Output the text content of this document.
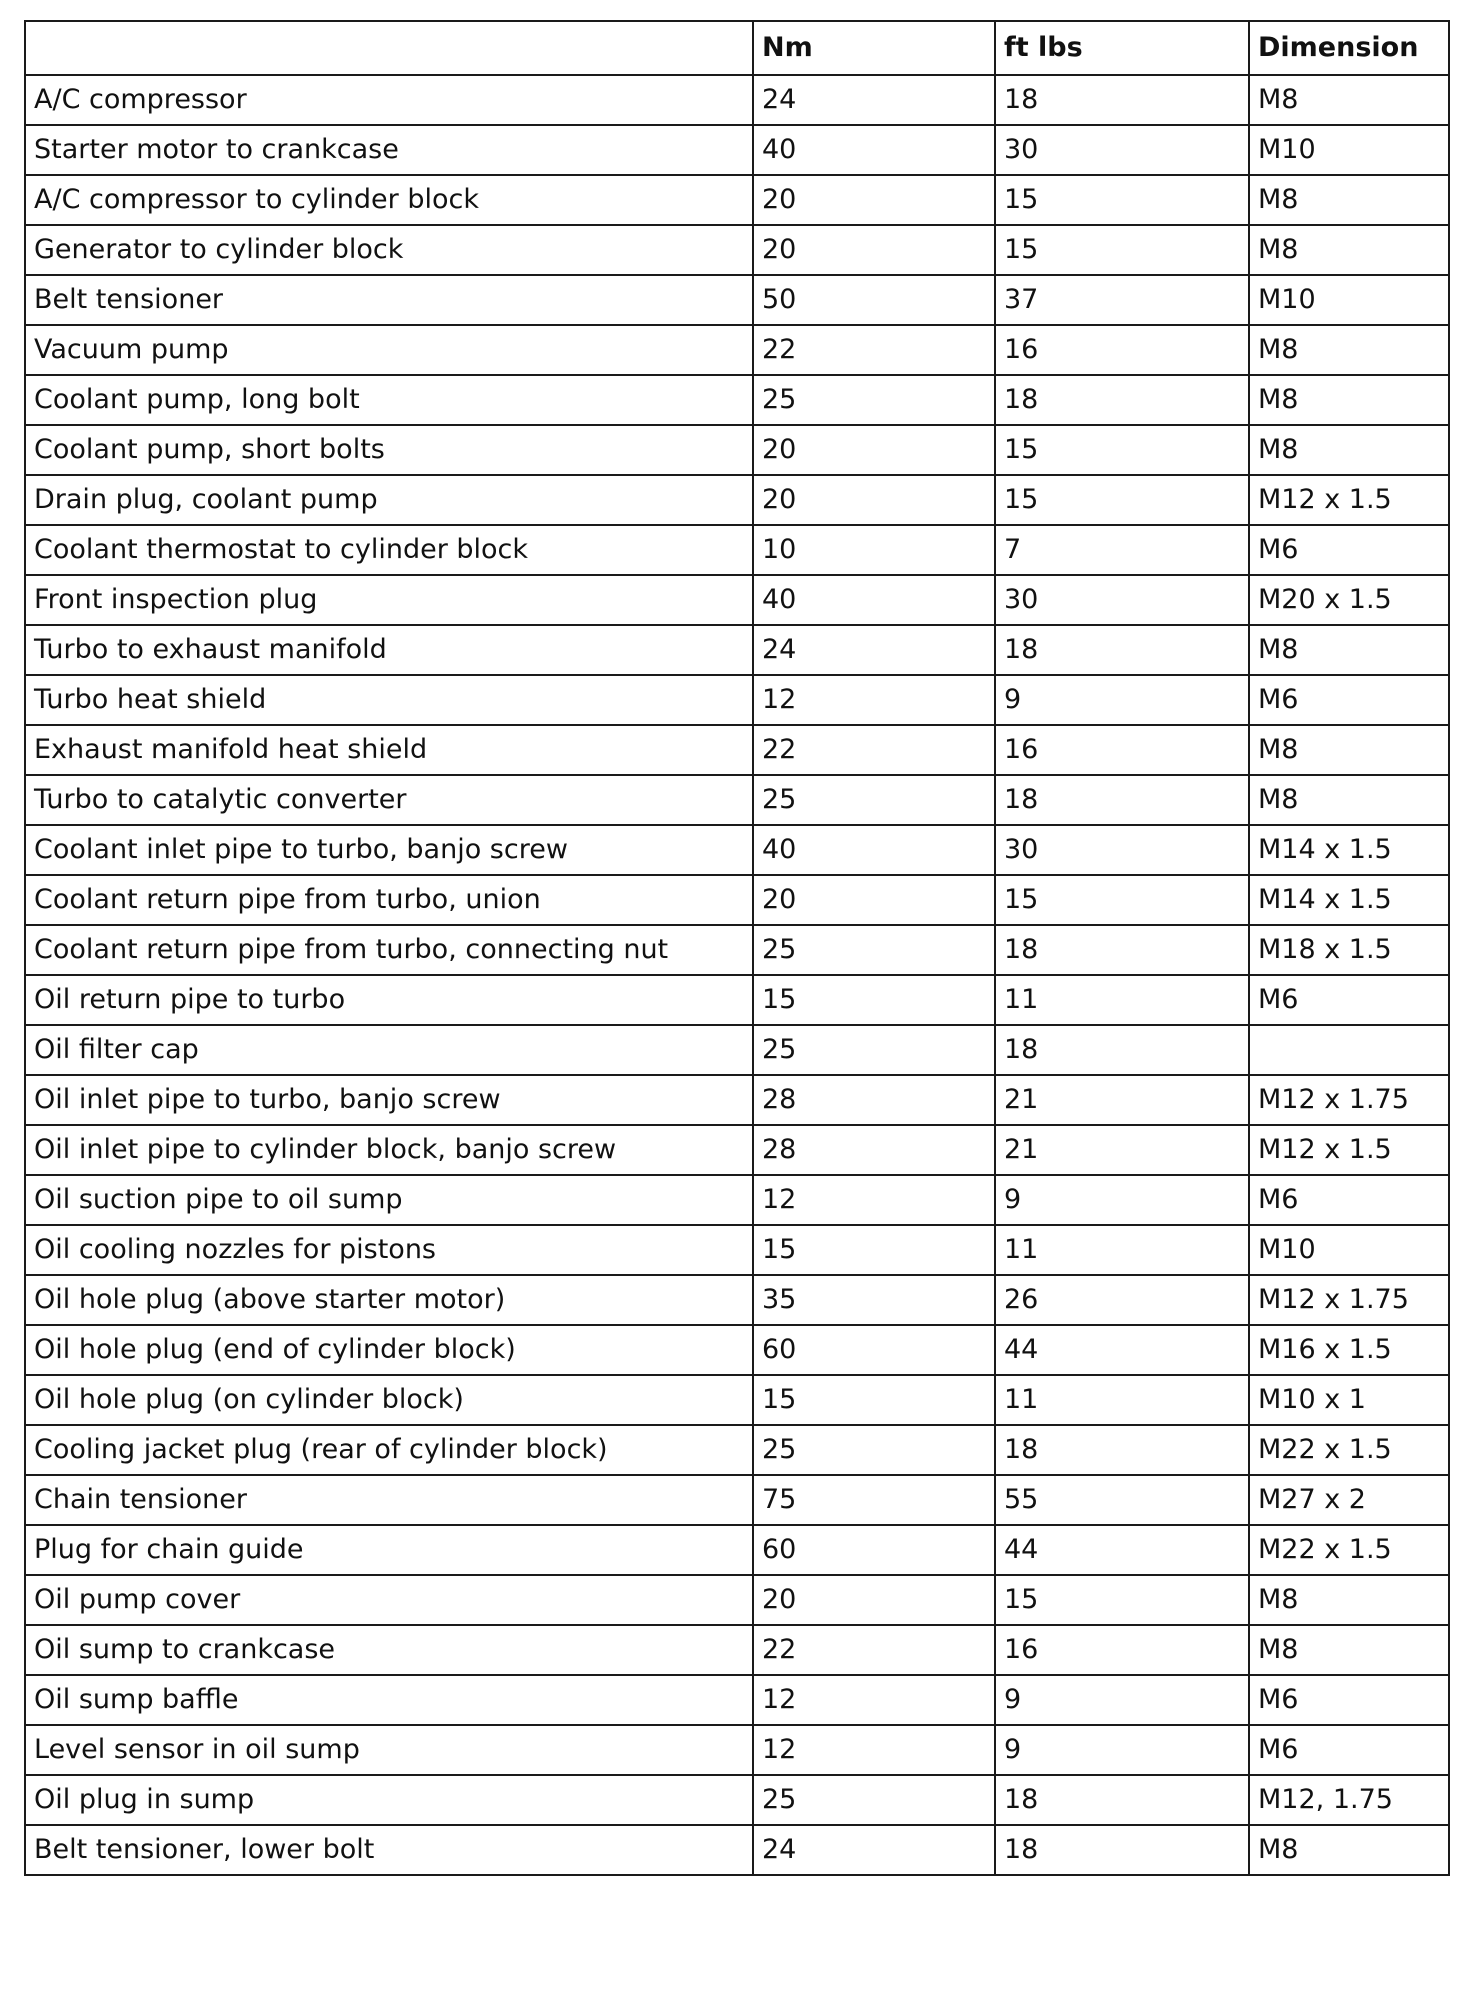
	Nm	ft lbs	Dimension
A/C compressor	24	18	M8
Starter motor to crankcase	40	30	M10
A/C compressor to cylinder block	20	15	M8
Generator to cylinder block	20	15	M8
Belt tensioner	50	37	M10
Vacuum pump	22	16	M8
Coolant pump, long bolt	25	18	M8
Coolant pump, short bolts	20	15	M8
Drain plug, coolant pump	20	15	M12 x 1.5
Coolant thermostat to cylinder block	10	7	M6
Front inspection plug	40	30	M20 x 1.5
Turbo to exhaust manifold	24	18	M8
Turbo heat shield	12	9	M6
Exhaust manifold heat shield	22	16	M8
Turbo to catalytic converter	25	18	M8
Coolant inlet pipe to turbo, banjo screw	40	30	M14 x 1.5
Coolant return pipe from turbo, union	20	15	M14 x 1.5
Coolant return pipe from turbo, connecting nut	25	18	M18 x 1.5
Oil return pipe to turbo	15	11	M6
Oil filter cap	25	18	
Oil inlet pipe to turbo, banjo screw	28	21	M12 x 1.75
Oil inlet pipe to cylinder block, banjo screw	28	21	M12 x 1.5
Oil suction pipe to oil sump	12	9	M6
Oil cooling nozzles for pistons	15	11	M10
Oil hole plug (above starter motor)	35	26	M12 x 1.75
Oil hole plug (end of cylinder block)	60	44	M16 x 1.5
Oil hole plug (on cylinder block)	15	11	M10 x 1
Cooling jacket plug (rear of cylinder block)	25	18	M22 x 1.5
Chain tensioner	75	55	M27 x 2
Plug for chain guide	60	44	M22 x 1.5
Oil pump cover	20	15	M8
Oil sump to crankcase	22	16	M8
Oil sump baffle	12	9	M6
Level sensor in oil sump	12	9	M6
Oil plug in sump	25	18	M12, 1.75
Belt tensioner, lower bolt	24	18	M8
